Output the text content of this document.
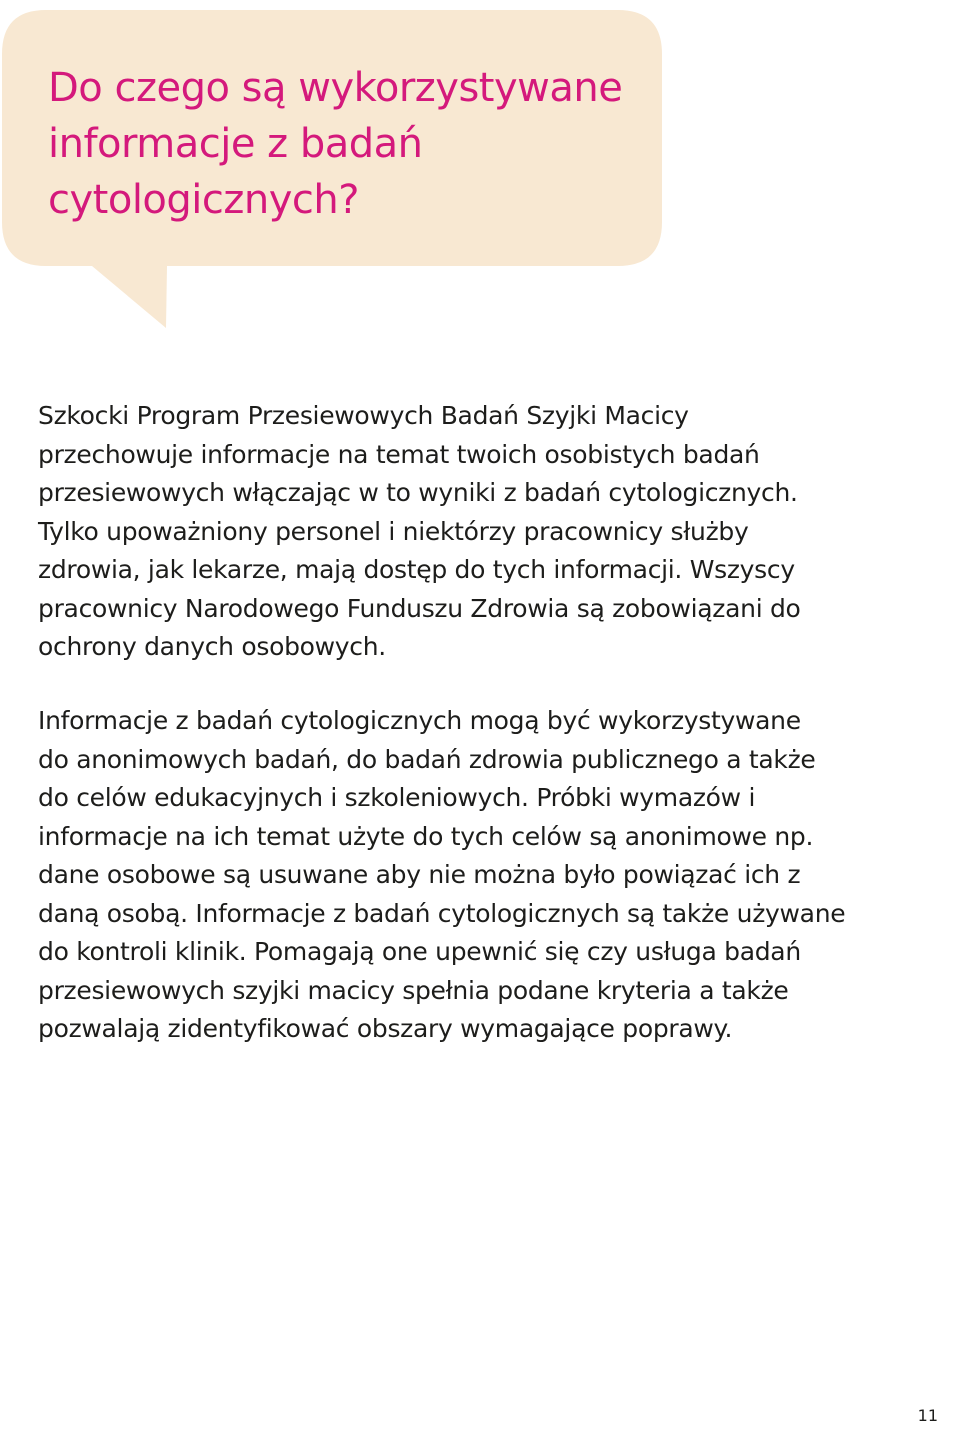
Do czego są wykorzystywane
informacje z badań
cytologicznych?

Szkocki Program Przesiewowych Badań Szyjki Macicy
przechowuje informacje na temat twoich osobistych badań
przesiewowych włączając w to wyniki z badań cytologicznych.
Tylko upoważniony personel i niektórzy pracownicy służby
zdrowia, jak lekarze, mają dostęp do tych informacji. Wszyscy
pracownicy Narodowego Funduszu Zdrowia są zobowiązani do
ochrony danych osobowych.

Informacje z badań cytologicznych mogą być wykorzystywane
do anonimowych badań, do badań zdrowia publicznego a także
do celów edukacyjnych i szkoleniowych. Próbki wymazów i
informacje na ich temat użyte do tych celów są anonimowe np.
dane osobowe są usuwane aby nie można było powiązać ich z
daną osobą. Informacje z badań cytologicznych są także używane
do kontroli klinik. Pomagają one upewnić się czy usługa badań
przesiewowych szyjki macicy spełnia podane kryteria a także
pozwalają zidentyfikować obszary wymagające poprawy.

11
